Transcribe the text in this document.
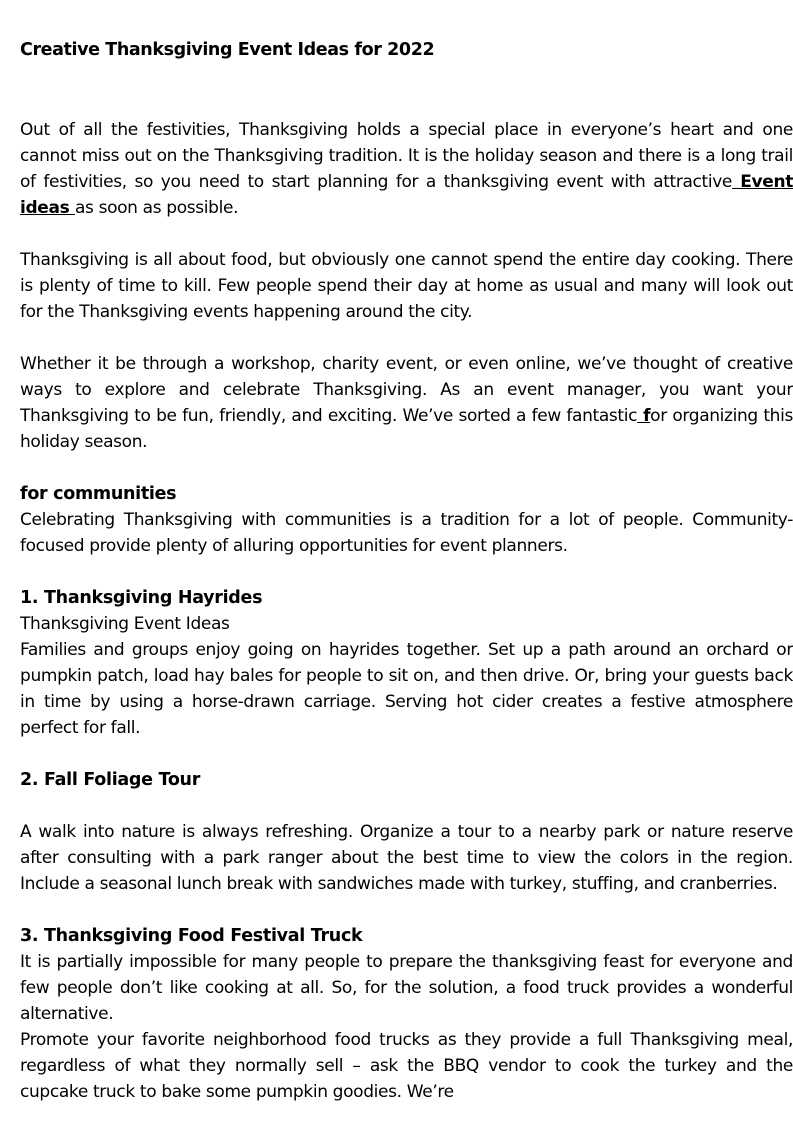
Creative Thanksgiving Event Ideas for 2022

Out of all the festivities, Thanksgiving holds a special place in everyone’s heart and one cannot miss out on the Thanksgiving tradition. It is the holiday season and there is a long trail of festivities, so you need to start planning for a thanksgiving event with attractive Event ideas as soon as possible.

Thanksgiving is all about food, but obviously one cannot spend the entire day cooking. There is plenty of time to kill. Few people spend their day at home as usual and many will look out for the Thanksgiving events happening around the city.

Whether it be through a workshop, charity event, or even online, we’ve thought of creative ways to explore and celebrate Thanksgiving. As an event manager, you want your Thanksgiving to be fun, friendly, and exciting. We’ve sorted a few fantastic for organizing this holiday season.

for communities

Celebrating Thanksgiving with communities is a tradition for a lot of people. Community-focused provide plenty of alluring opportunities for event planners.

1. Thanksgiving Hayrides

Thanksgiving Event Ideas

Families and groups enjoy going on hayrides together. Set up a path around an orchard or pumpkin patch, load hay bales for people to sit on, and then drive. Or, bring your guests back in time by using a horse-drawn carriage. Serving hot cider creates a festive atmosphere perfect for fall.

2. Fall Foliage Tour

A walk into nature is always refreshing. Organize a tour to a nearby park or nature reserve after consulting with a park ranger about the best time to view the colors in the region. Include a seasonal lunch break with sandwiches made with turkey, stuffing, and cranberries.

3. Thanksgiving Food Festival Truck

It is partially impossible for many people to prepare the thanksgiving feast for everyone and few people don’t like cooking at all. So, for the solution, a food truck provides a wonderful alternative.

Promote your favorite neighborhood food trucks as they provide a full Thanksgiving meal, regardless of what they normally sell – ask the BBQ vendor to cook the turkey and the cupcake truck to bake some pumpkin goodies. We’re
